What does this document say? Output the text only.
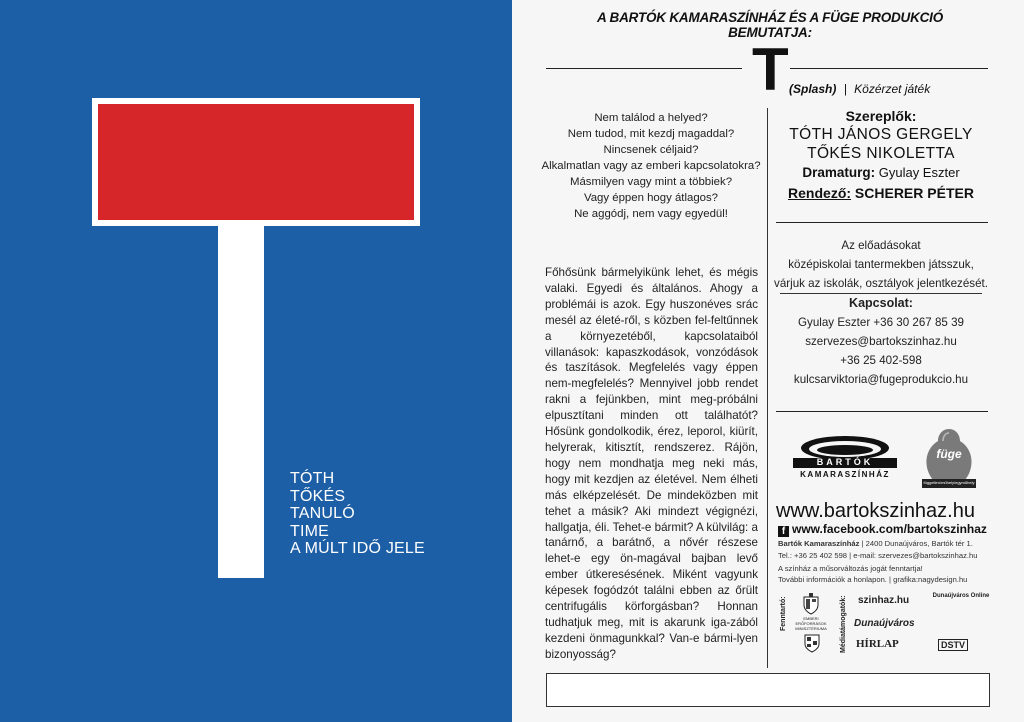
TÓTH
TŐKÉS
TANULÓ
TIME
A MÚLT IDŐ JELE
A BARTÓK KAMARASZÍNHÁZ ÉS A FÜGE PRODUKCIÓ BEMUTATJA:
T (Splash) | Közérzet játék
Nem találod a helyed?
Nem tudod, mit kezdj magaddal?
Nincsenek céljaid?
Alkalmatlan vagy az emberi kapcsolatokra?
Másmilyen vagy mint a többiek?
Vagy éppen hogy átlagos?
Ne aggódj, nem vagy egyedül!
Főhősünk bármelyikünk lehet, és mégis valaki. Egyedi és általános. Ahogy a problémái is azok. Egy huszonéves srác mesél az életé-ről, s közben fel-feltűnnek a környezetéből, kapcsolataiból villanások: kapaszkodások, vonzódások és taszítások. Megfelelés vagy éppen nem-megfelelés? Mennyivel jobb rendet rakni a fejünkben, mint meg-próbálni elpusztítani minden ott találhatót? Hősünk gondolkodik, érez, leporol, kiürít, helyrerak, kitisztít, rendszerez. Rájön, hogy nem mondhatja meg neki más, hogy mit kezdjen az életével. Nem élheti más elképzelését. De mindeközben mit tehet a másik? Aki mindezt végignézi, hallgatja, éli. Tehet-e bármit? A külvilág: a tanárnő, a barátnő, a nővér részese lehet-e egy ön-magával bajban levő ember útkeresésének. Miként vagyunk képesek fogódzót találni ebben az őrült centrifugális körforgásban? Honnan tudhatjuk meg, mit is akarunk iga-zából kezdeni önmagunkkal? Van-e bármi-lyen bizonyosság?
Szereplők:
TÓTH JÁNOS GERGELY
TŐKÉS NIKOLETTA
Dramaturg: Gyulay Eszter
Rendező: SCHERER PÉTER
Az előadásokat
középiskolai tantermekben játsszuk,
várjuk az iskolák, osztályok jelentkezését.
Kapcsolat:
Gyulay Eszter +36 30 267 85 39
szervezes@bartokszinhaz.hu
+36 25 402-598
kulcsarviktoria@fugeprodukcio.hu
BARTÓK
KAMARASZÍNHÁZ
füge
független/műhely/egyműhely
www.bartokszinhaz.hu
f www.facebook.com/bartokszinhaz
Bartók Kamaraszínház | 2400 Dunaújváros, Bartók tér 1.
Tel.: +36 25 402 598 | e-mail: szervezes@bartokszinhaz.hu
A színház a műsorváltozás jogát fenntartja!
További információk a honlapon. | grafika:nagydesign.hu
Fenntartó:	EMBERI ERŐFORRÁSOK MINISZTÉRIUMA	Médiatámogatók: szinhaz.hu	Dunaújváros Online
Dunaújváros
HÍRLAP	DSTV
